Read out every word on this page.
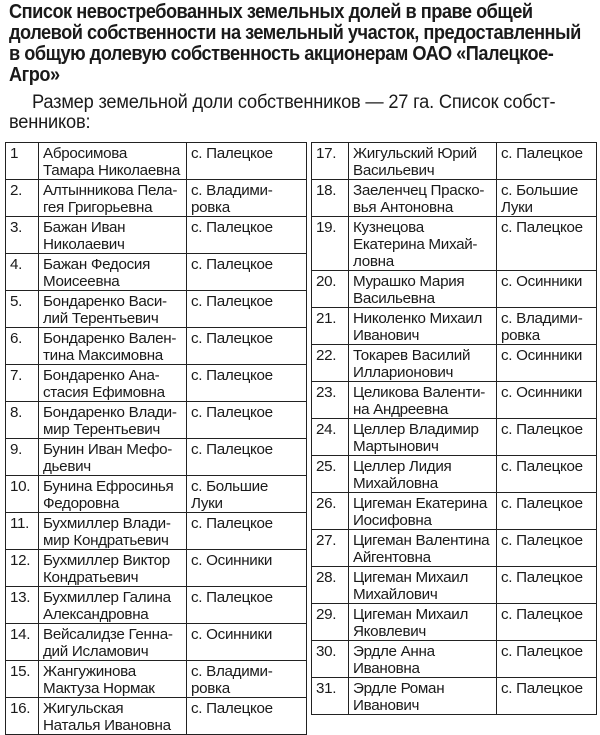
Список невостребованных земельных долей в праве общей долевой собственности на земельный участок, предоставленный в общую долевую собственность акционерам ОАО «Палецкое-Агро»
Размер земельной доли собственников — 27 га. Список собст-
венников:
1	Абросимова
Тамара Николаевна	с. Палецкое
2.	Алтынникова Пела-
гея Григорьевна	с. Владими-
ровка
3.	Бажан Иван
Николаевич	с. Палецкое
4.	Бажан Федосия
Моисеевна	с. Палецкое
5.	Бондаренко Васи-
лий Терентьевич	с. Палецкое
6.	Бондаренко Вален-
тина Максимовна	с. Палецкое
7.	Бондаренко Ана-
стасия Ефимовна	с. Палецкое
8.	Бондаренко Влади-
мир Терентьевич	с. Палецкое
9.	Бунин Иван Мефо-
дьевич	с. Палецкое
10.	Бунина Ефросинья
Федоровна	с. Большие
Луки
11.	Бухмиллер Влади-
мир Кондратьевич	с. Палецкое
12.	Бухмиллер Виктор
Кондратьевич	с. Осинники
13.	Бухмиллер Галина
Александровна	с. Палецкое
14.	Вейсалидзе Генна-
дий Исламович	с. Осинники
15.	Жангужинова
Мактуза Нормак	с. Владими-
ровка
16.	Жигульская
Наталья Ивановна	с. Палецкое
17.	Жигульский Юрий
Васильевич	с. Палецкое
18.	Заеленчец Праско-
вья Антоновна	с. Большие
Луки
19.	Кузнецова
Екатерина Михай-
ловна	с. Палецкое
20.	Мурашко Мария
Васильевна	с. Осинники
21.	Николенко Михаил
Иванович	с. Владими-
ровка
22.	Токарев Василий
Илларионович	с. Осинники
23.	Целикова Валенти-
на Андреевна	с. Осинники
24.	Целлер Владимир
Мартынович	с. Палецкое
25.	Целлер Лидия
Михайловна	с. Палецкое
26.	Цигеман Екатерина
Иосифовна	с. Палецкое
27.	Цигеман Валентина
Айгентовна	с. Палецкое
28.	Цигеман Михаил
Михайлович	с. Палецкое
29.	Цигеман Михаил
Яковлевич	с. Палецкое
30.	Эрдле Анна
Ивановна	с. Палецкое
31.	Эрдле Роман
Иванович	с. Палецкое
